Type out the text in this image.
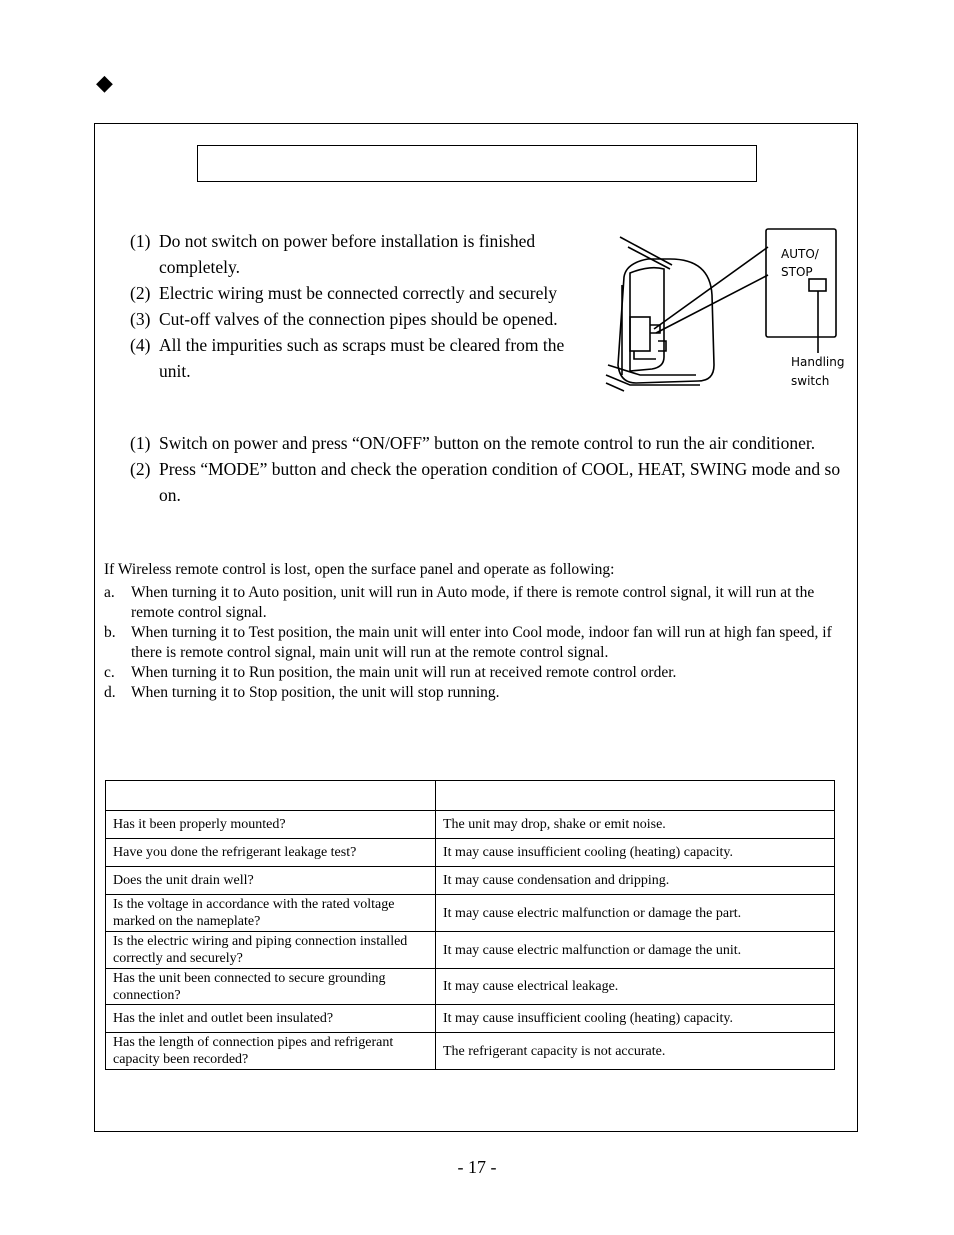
◆
(1) Do not switch on power before installation is finished completely.
(2) Electric wiring must be connected correctly and securely
(3) Cut-off valves of the connection pipes should be opened.
(4) All the impurities such as scraps must be cleared from the unit.
AUTO/
STOP
Handling
switch
(1) Switch on power and press “ON/OFF” button on the remote control to run the air conditioner.
(2) Press “MODE” button and check the operation condition of COOL, HEAT, SWING mode and so on.
If Wireless remote control is lost, open the surface panel and operate as following:
a. When turning it to Auto position, unit will run in Auto mode, if there is remote control signal, it will run at the remote control signal.
b. When turning it to Test position, the main unit will enter into Cool mode, indoor fan will run at high fan speed, if there is remote control signal, main unit will run at the remote control signal.
c. When turning it to Run position, the main unit will run at received remote control order.
d. When turning it to Stop position, the unit will stop running.

Has it been properly mounted?	The unit may drop, shake or emit noise.
Have you done the refrigerant leakage test?	It may cause insufficient cooling (heating) capacity.
Does the unit drain well?	It may cause condensation and dripping.
Is the voltage in accordance with the rated voltage marked on the nameplate?	It may cause electric malfunction or damage the part.
Is the electric wiring and piping connection installed correctly and securely?	It may cause electric malfunction or damage the unit.
Has the unit been connected to secure grounding connection?	It may cause electrical leakage.
Has the inlet and outlet been insulated?	It may cause insufficient cooling (heating) capacity.
Has the length of connection pipes and refrigerant capacity been recorded?	The refrigerant capacity is not accurate.
- 17 -
